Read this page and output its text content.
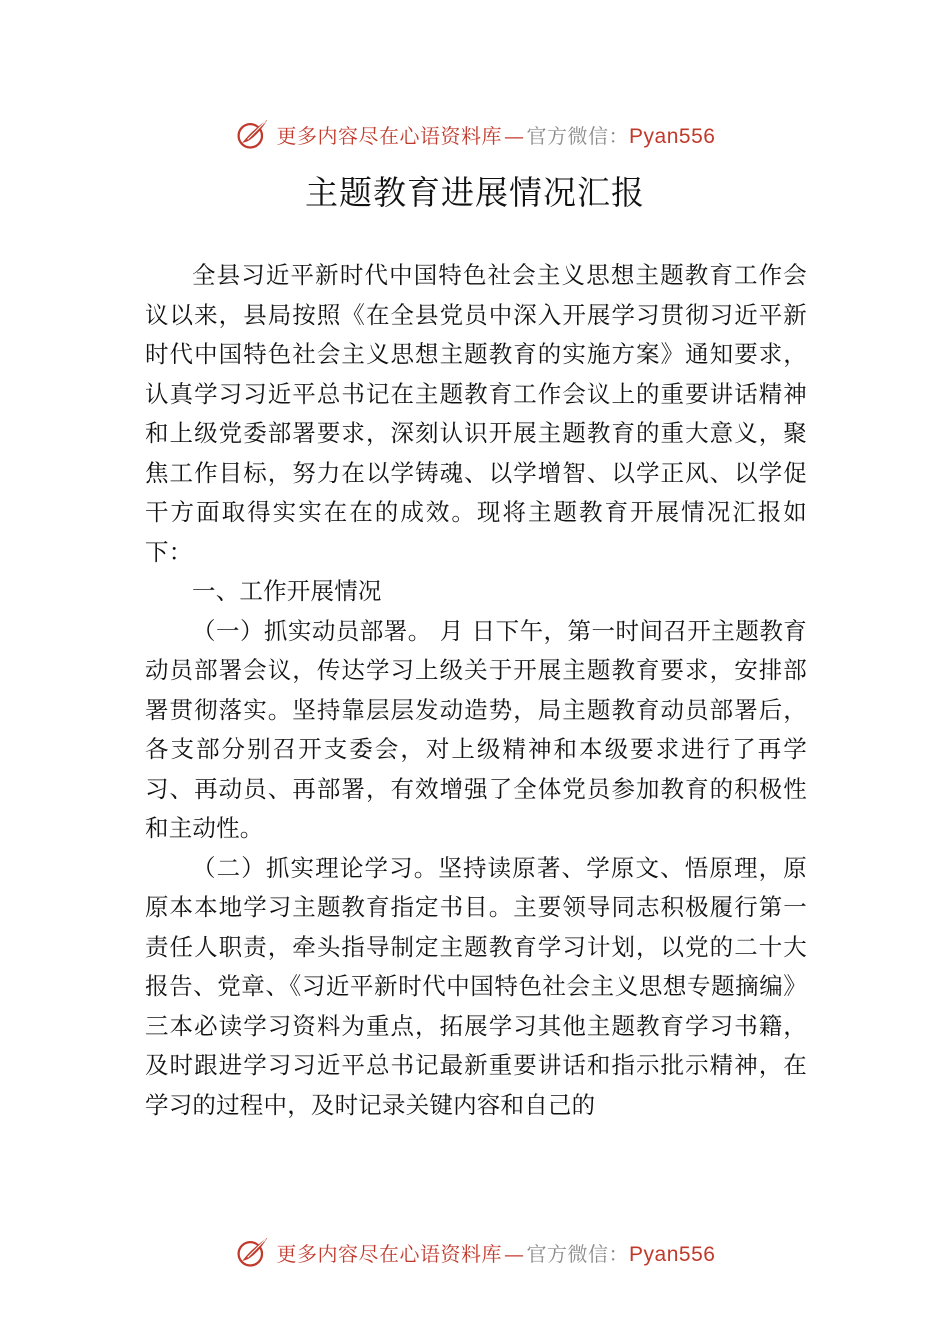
更多内容尽在心语资料库 — 官方微信：Pyan556
主题教育进展情况汇报

全县习近平新时代中国特色社会主义思想主题教育工作会议以来，县局按照《在全县党员中深入开展学习贯彻习近平新时代中国特色社会主义思想主题教育的实施方案》通知要求，认真学习习近平总书记在主题教育工作会议上的重要讲话精神和上级党委部署要求，深刻认识开展主题教育的重大意义，聚焦工作目标，努力在以学铸魂、以学增智、以学正风、以学促干方面取得实实在在的成效。现将主题教育开展情况汇报如下：

一、工作开展情况

（一）抓实动员部署。 月 日下午，第一时间召开主题教育动员部署会议，传达学习上级关于开展主题教育要求，安排部署贯彻落实。坚持靠层层发动造势，局主题教育动员部署后，各支部分别召开支委会，对上级精神和本级要求进行了再学习、再动员、再部署，有效增强了全体党员参加教育的积极性和主动性。

（二）抓实理论学习。坚持读原著、学原文、悟原理，原原本本地学习主题教育指定书目。主要领导同志积极履行第一责任人职责，牵头指导制定主题教育学习计划，以党的二十大报告、党章、《习近平新时代中国特色社会主义思想专题摘编》三本必读学习资料为重点，拓展学习其他主题教育学习书籍，及时跟进学习习近平总书记最新重要讲话和指示批示精神，在学习的过程中，及时记录关键内容和自己的

更多内容尽在心语资料库 — 官方微信：Pyan556
